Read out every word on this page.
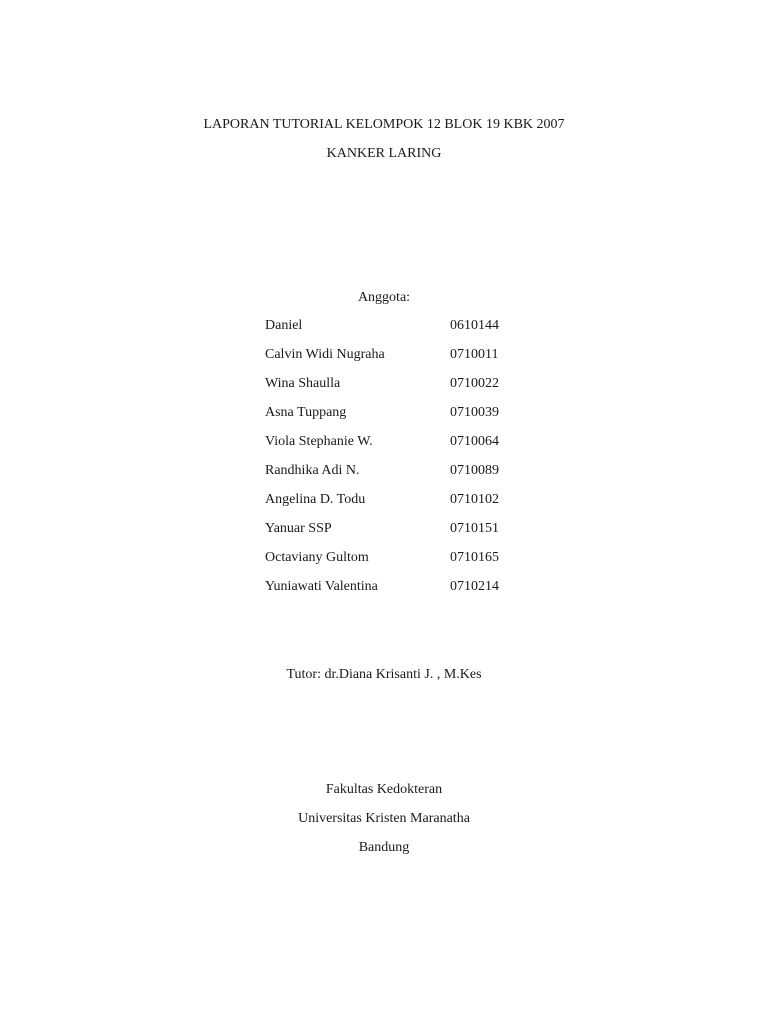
LAPORAN TUTORIAL KELOMPOK 12 BLOK 19 KBK 2007
KANKER LARING
Anggota:
Daniel	0610144
Calvin Widi Nugraha	0710011
Wina Shaulla	0710022
Asna Tuppang	0710039
Viola Stephanie W.	0710064
Randhika Adi N.	0710089
Angelina D. Todu	0710102
Yanuar SSP	0710151
Octaviany Gultom	0710165
Yuniawati Valentina	0710214
Tutor: dr.Diana Krisanti J. , M.Kes
Fakultas Kedokteran
Universitas Kristen Maranatha
Bandung
